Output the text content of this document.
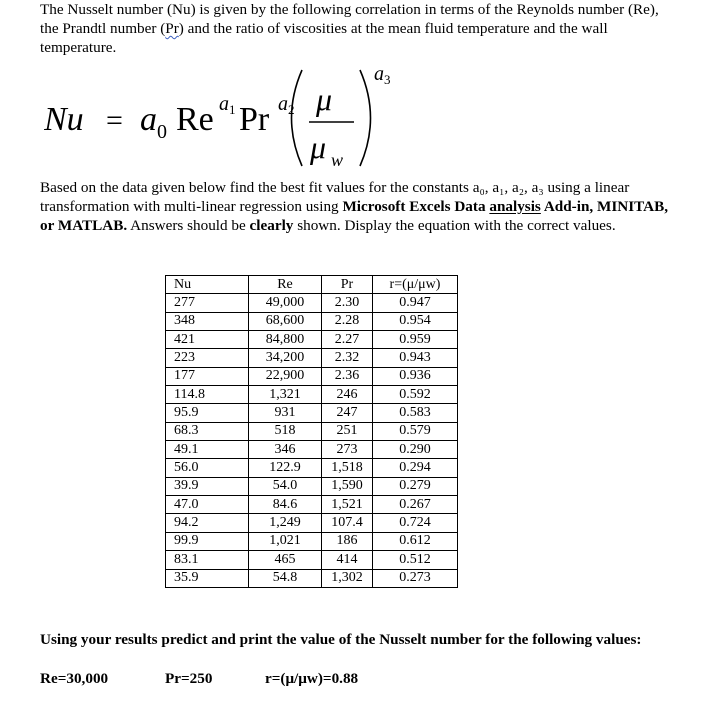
The Nusselt number (Nu) is given by the following correlation in terms of the Reynolds number (Re), the Prandtl number (Pr) and the ratio of viscosities at the mean fluid temperature and the wall temperature.
Nu = a 0 Re a 1 Pr a 2 μ
μ w
a 3
Based on the data given below find the best fit values for the constants a₀, a₁, a₂, a₃ using a linear transformation with multi-linear regression using Microsoft Excels Data analysis Add-in, MINITAB, or MATLAB. Answers should be clearly shown. Display the equation with the correct values.
Nu	Re	Pr	r=(μ/μw)
277	49,000	2.30	0.947
348	68,600	2.28	0.954
421	84,800	2.27	0.959
223	34,200	2.32	0.943
177	22,900	2.36	0.936
114.8	1,321	246	0.592
95.9	931	247	0.583
68.3	518	251	0.579
49.1	346	273	0.290
56.0	122.9	1,518	0.294
39.9	54.0	1,590	0.279
47.0	84.6	1,521	0.267
94.2	1,249	107.4	0.724
99.9	1,021	186	0.612
83.1	465	414	0.512
35.9	54.8	1,302	0.273
Using your results predict and print the value of the Nusselt number for the following values:
Re=30,000	Pr=250	r=(μ/μw)=0.88
